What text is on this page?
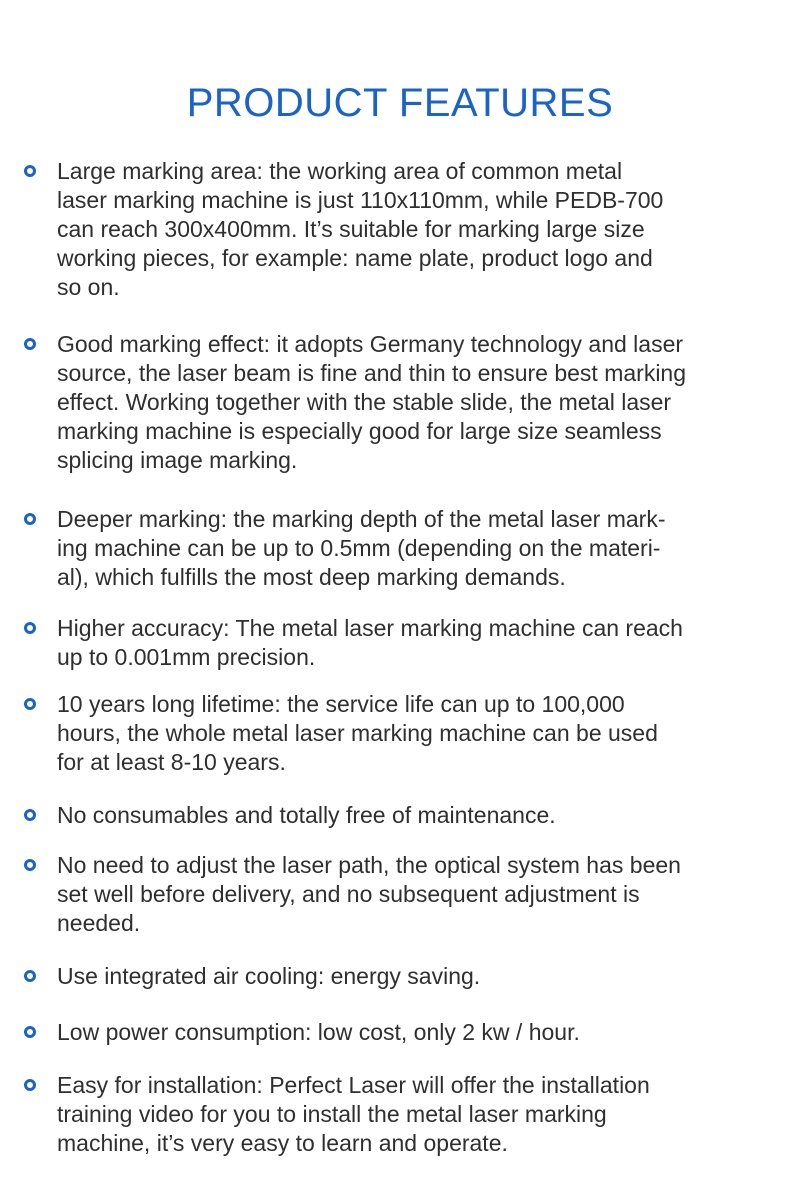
PRODUCT FEATURES
Large marking area: the working area of common metal
laser marking machine is just 110x110mm, while PEDB-700
can reach 300x400mm. It’s suitable for marking large size
working pieces, for example: name plate, product logo and
so on.
Good marking effect: it adopts Germany technology and laser
source, the laser beam is fine and thin to ensure best marking
effect. Working together with the stable slide, the metal laser
marking machine is especially good for large size seamless
splicing image marking.
Deeper marking: the marking depth of the metal laser mark-
ing machine can be up to 0.5mm (depending on the materi-
al), which fulfills the most deep marking demands.
Higher accuracy: The metal laser marking machine can reach
up to 0.001mm precision.
10 years long lifetime: the service life can up to 100,000
hours, the whole metal laser marking machine can be used
for at least 8-10 years.
No consumables and totally free of maintenance.
No need to adjust the laser path, the optical system has been
set well before delivery, and no subsequent adjustment is
needed.
Use integrated air cooling: energy saving.
Low power consumption: low cost, only 2 kw / hour.
Easy for installation: Perfect Laser will offer the installation
training video for you to install the metal laser marking
machine, it’s very easy to learn and operate.
